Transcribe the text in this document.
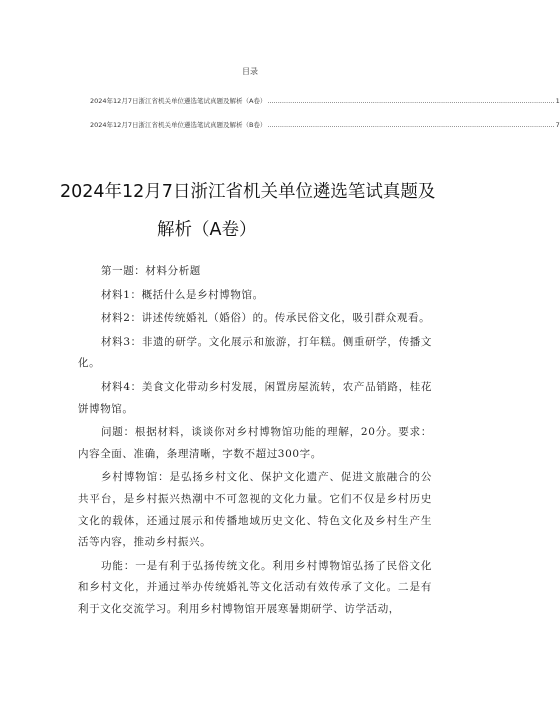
目录
2024年12月7日浙江省机关单位遴选笔试真题及解析（A卷） ........................................................................................................................................... 1
2024年12月7日浙江省机关单位遴选笔试真题及解析（B卷） ........................................................................................................................................... 7
2024年12月7日浙江省机关单位遴选笔试真题及
解析（A卷）

第一题：材料分析题

材料1：概括什么是乡村博物馆。

材料2：讲述传统婚礼（婚俗）的。传承民俗文化，吸引群众观看。

材料3：非遗的研学。文化展示和旅游，打年糕。侧重研学，传播文化。

材料4：美食文化带动乡村发展，闲置房屋流转，农产品销路，桂花饼博物馆。

问题：根据材料，谈谈你对乡村博物馆功能的理解，20分。要求：内容全面、准确，条理清晰，字数不超过300字。

乡村博物馆：是弘扬乡村文化、保护文化遗产、促进文旅融合的公共平台，是乡村振兴热潮中不可忽视的文化力量。它们不仅是乡村历史文化的载体，还通过展示和传播地域历史文化、特色文化及乡村生产生活等内容，推动乡村振兴。

功能：一是有利于弘扬传统文化。利用乡村博物馆弘扬了民俗文化和乡村文化，并通过举办传统婚礼等文化活动有效传承了文化。二是有利于文化交流学习。利用乡村博物馆开展寒暑期研学、访学活动，
